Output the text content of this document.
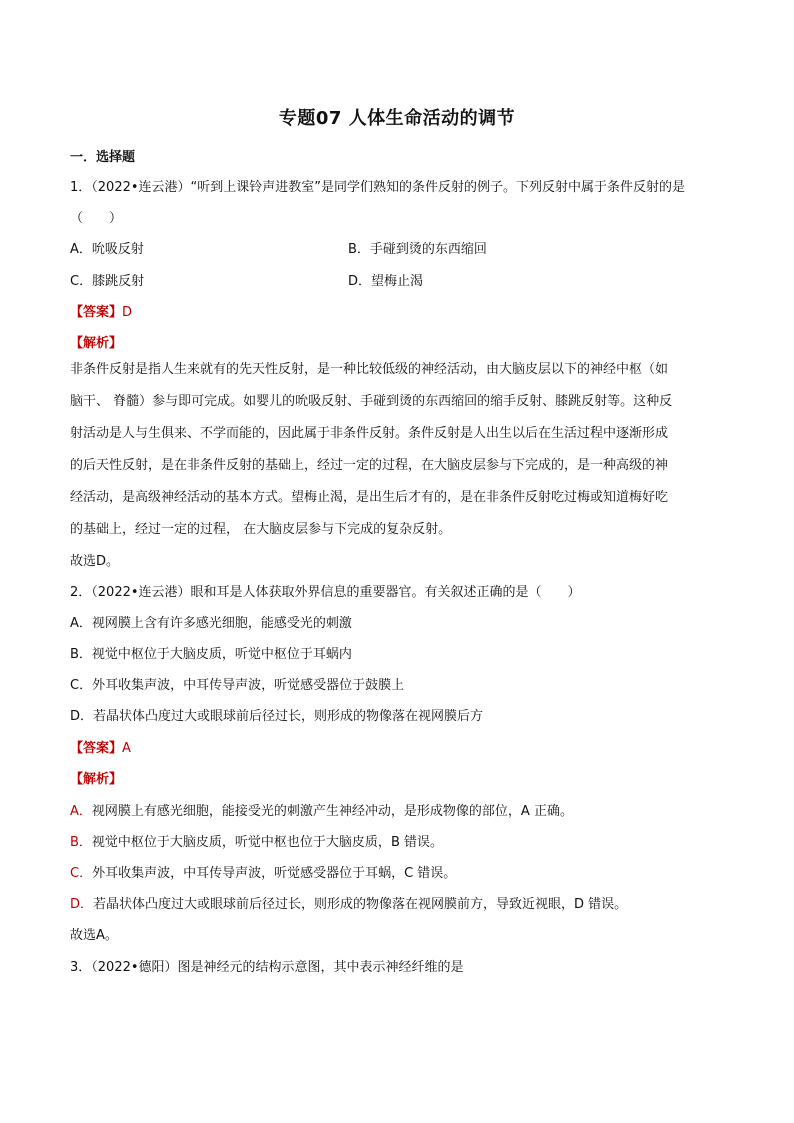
专题07 人体生命活动的调节
一．选择题
1．（2022•连云港）“听到上课铃声进教室”是同学们熟知的条件反射的例子。下列反射中属于条件反射的是
（　　）
A．吮吸反射	B．手碰到烫的东西缩回
C．膝跳反射	D．望梅止渴
【答案】D
【解析】
非条件反射是指人生来就有的先天性反射，是一种比较低级的神经活动，由大脑皮层以下的神经中枢（如
脑干、 脊髓）参与即可完成。如婴儿的吮吸反射、手碰到烫的东西缩回的缩手反射、膝跳反射等。这种反
射活动是人与生俱来、不学而能的，因此属于非条件反射。条件反射是人出生以后在生活过程中逐渐形成
的后天性反射，是在非条件反射的基础上，经过一定的过程，在大脑皮层参与下完成的，是一种高级的神
经活动，是高级神经活动的基本方式。望梅止渴，是出生后才有的，是在非条件反射吃过梅或知道梅好吃
的基础上，经过一定的过程， 在大脑皮层参与下完成的复杂反射。
故选D。
2．（2022•连云港）眼和耳是人体获取外界信息的重要器官。有关叙述正确的是（　　）
A．视网膜上含有许多感光细胞，能感受光的刺激
B．视觉中枢位于大脑皮质，听觉中枢位于耳蜗内
C．外耳收集声波，中耳传导声波，听觉感受器位于鼓膜上
D．若晶状体凸度过大或眼球前后径过长，则形成的物像落在视网膜后方
【答案】A
【解析】
A．视网膜上有感光细胞，能接受光的刺激产生神经冲动，是形成物像的部位，A 正确。
B．视觉中枢位于大脑皮质，听觉中枢也位于大脑皮质，B 错误。
C．外耳收集声波，中耳传导声波，听觉感受器位于耳蜗，C 错误。
D．若晶状体凸度过大或眼球前后径过长，则形成的物像落在视网膜前方，导致近视眼，D 错误。
故选A。
3．（2022•德阳）图是神经元的结构示意图，其中表示神经纤维的是
